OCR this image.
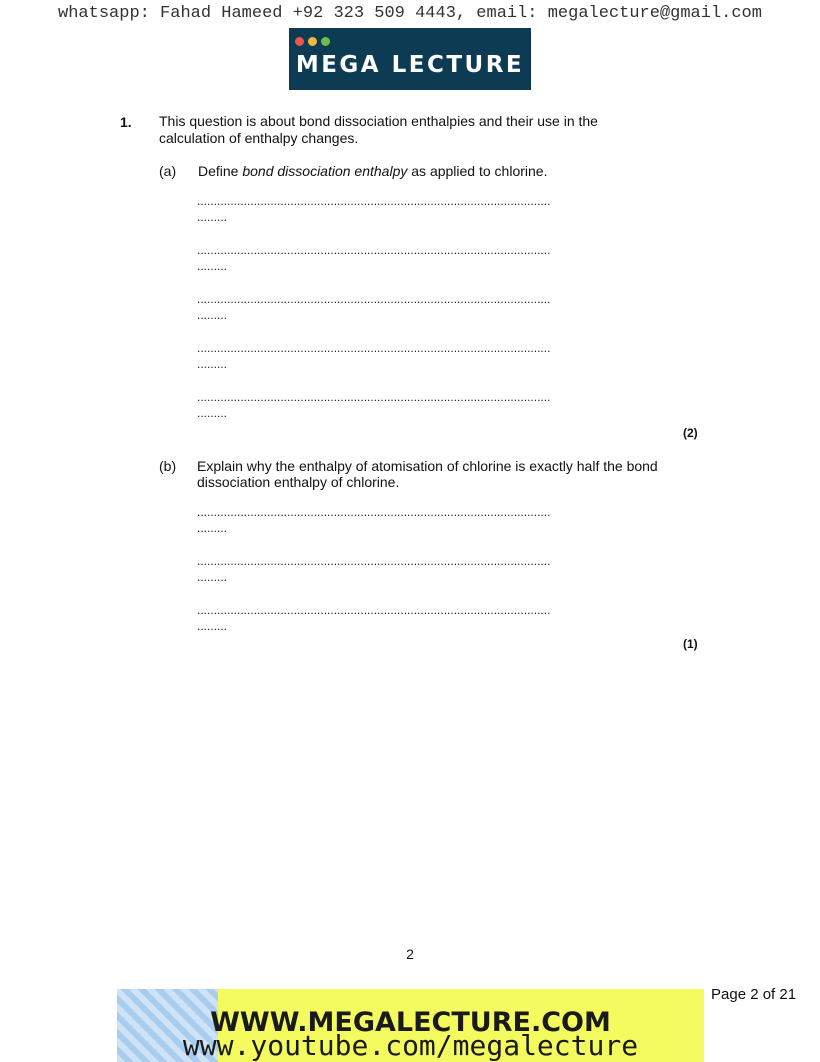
whatsapp: Fahad Hameed +92 323 509 4443, email: megalecture@gmail.com
MEGA LECTURE
1. This question is about bond dissociation enthalpies and their use in the calculation of enthalpy changes.
(a) Define bond dissociation enthalpy as applied to chlorine.
..........................................................................................................
.........
..........................................................................................................
.........
..........................................................................................................
.........
..........................................................................................................
.........
..........................................................................................................
.........
(2)
(b) Explain why the enthalpy of atomisation of chlorine is exactly half the bond dissociation enthalpy of chlorine.
..........................................................................................................
.........
..........................................................................................................
.........
..........................................................................................................
.........
(1)
2
WWW.MEGALECTURE.COM
www.youtube.com/megalecture
Page 2 of 21
